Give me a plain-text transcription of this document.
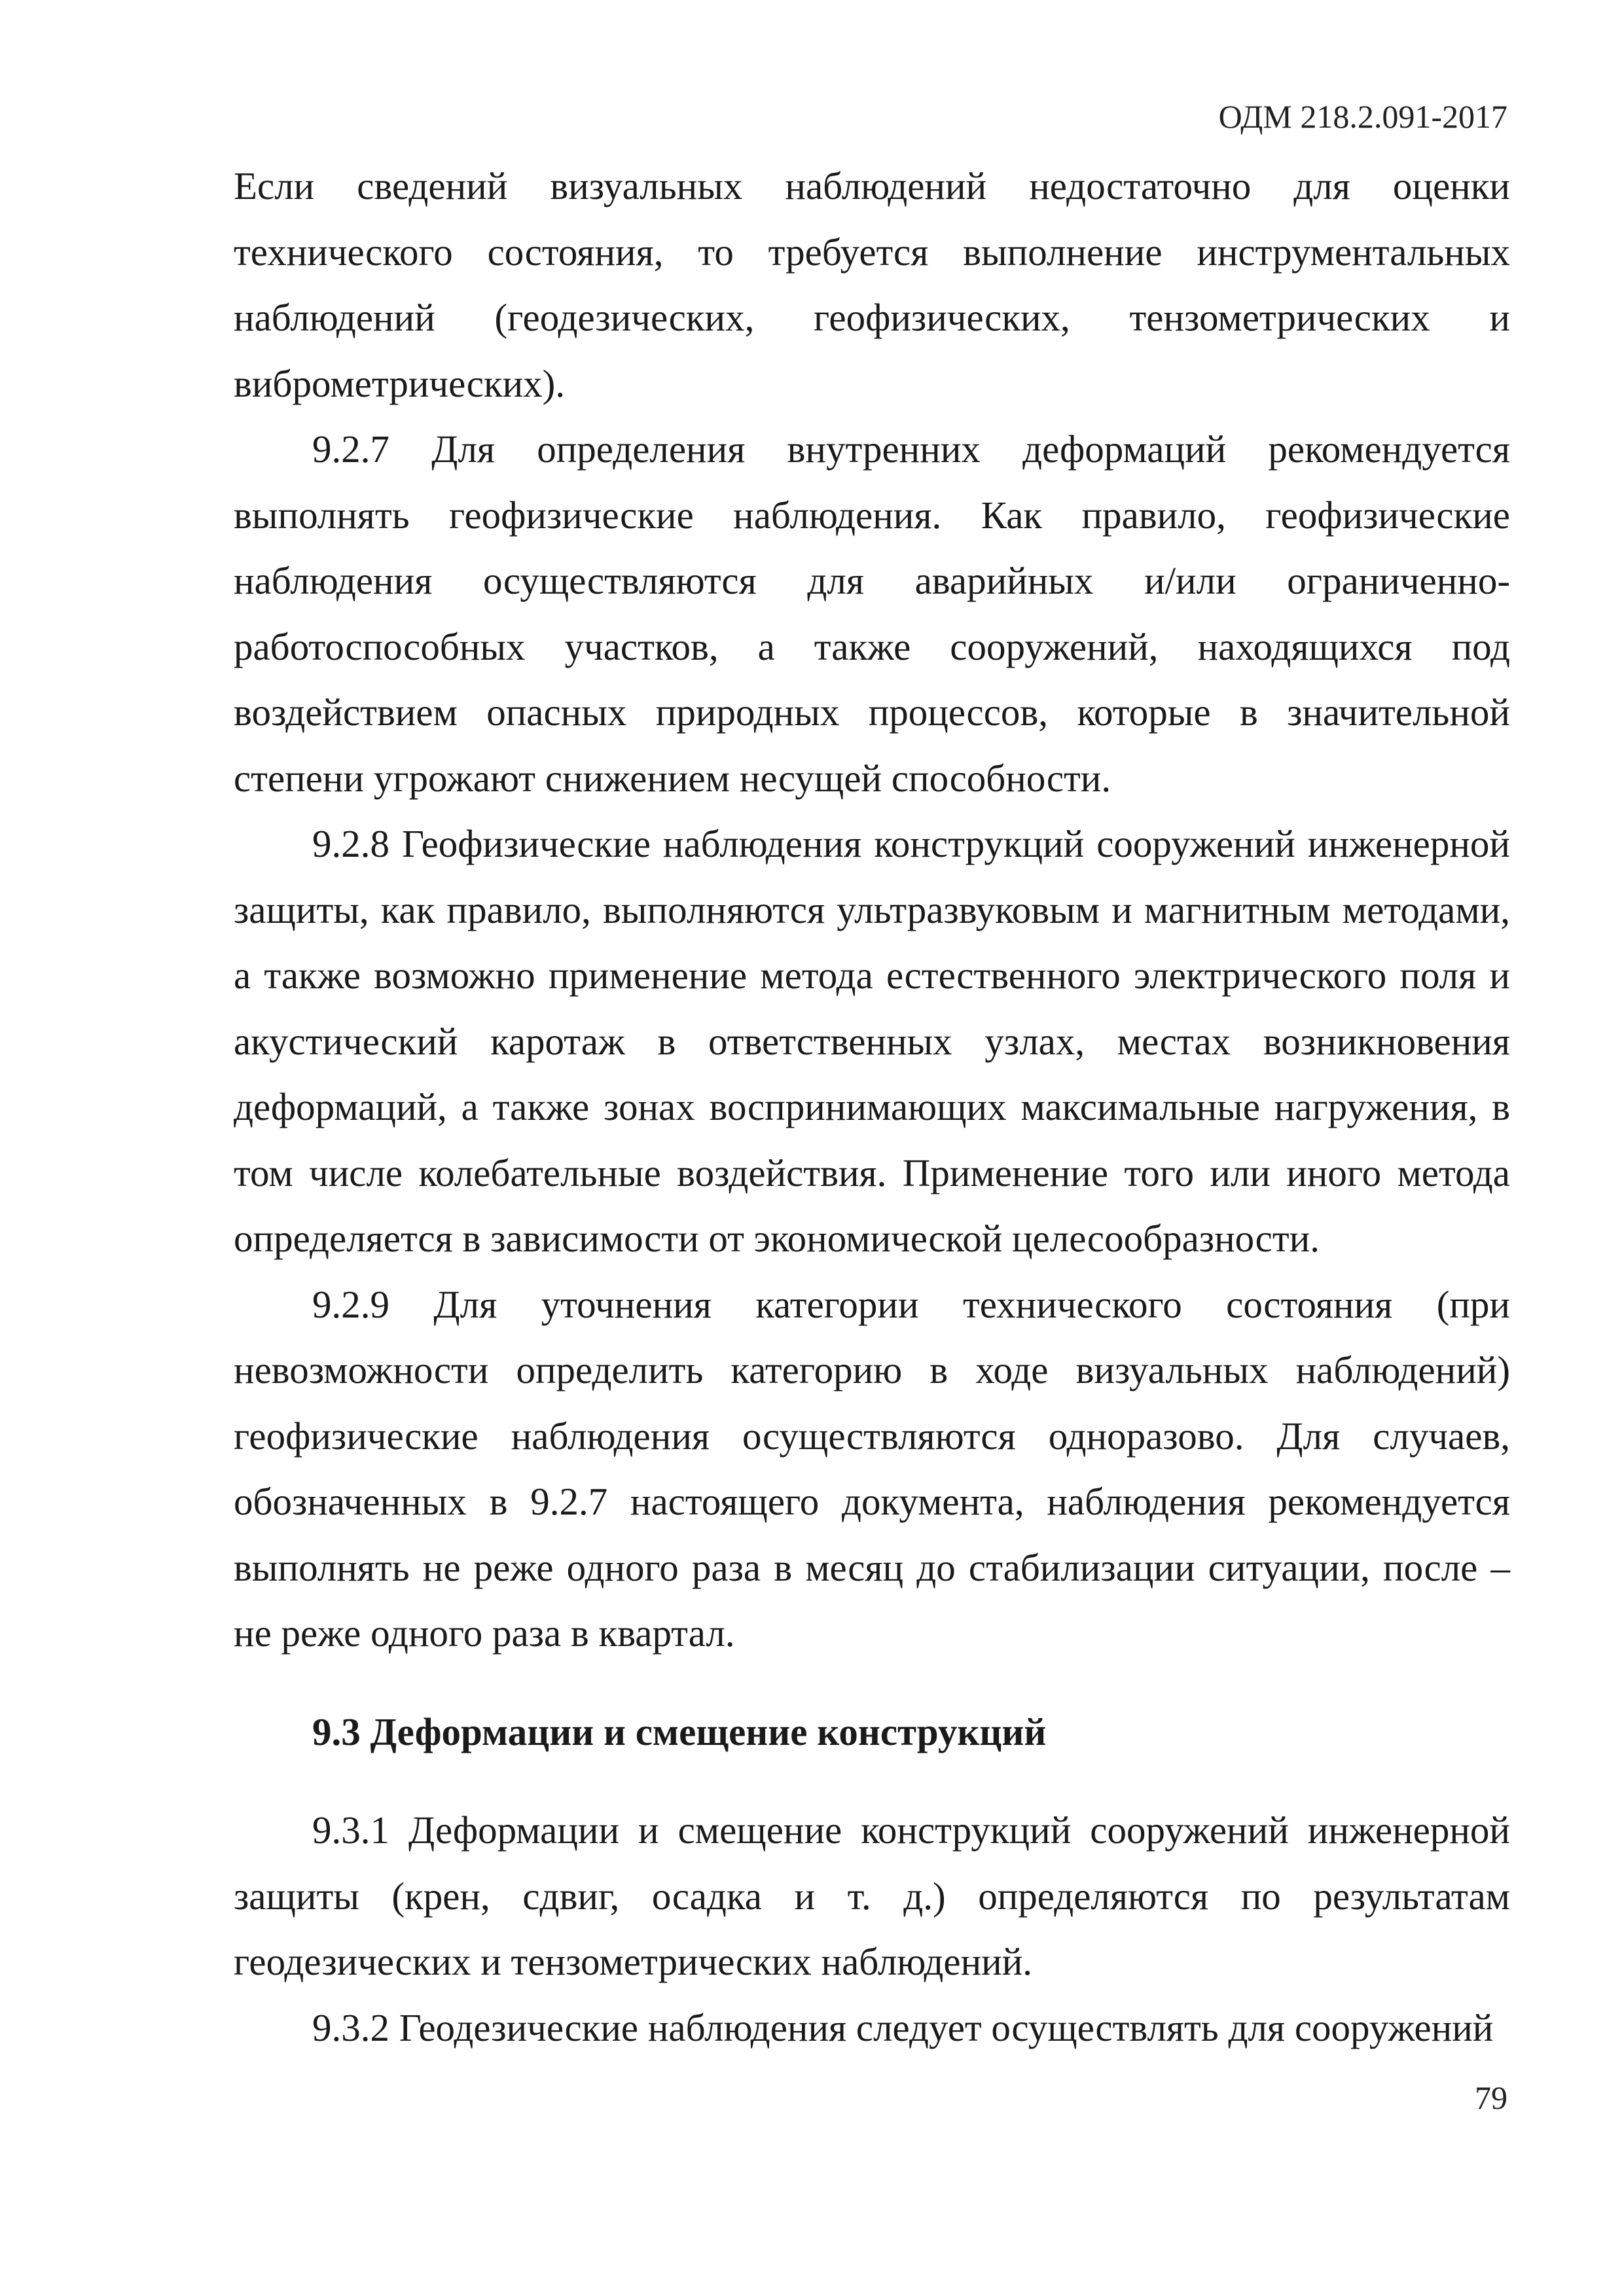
ОДМ 218.2.091-2017

Если сведений визуальных наблюдений недостаточно для оценки технического состояния, то требуется выполнение инструментальных наблюдений (геодезических, геофизических, тензометрических и виброметрических).

9.2.7 Для определения внутренних деформаций рекомендуется выполнять геофизические наблюдения. Как правило, геофизические наблюдения осуществляются для аварийных и/или ограниченно-работоспособных участков, а также сооружений, находящихся под воздействием опасных природных процессов, которые в значительной степени угрожают снижением несущей способности.

9.2.8 Геофизические наблюдения конструкций сооружений инженерной защиты, как правило, выполняются ультразвуковым и магнитным методами, а также возможно применение метода естественного электрического поля и акустический каротаж в ответственных узлах, местах возникновения деформаций, а также зонах воспринимающих максимальные нагружения, в том числе колебательные воздействия. Применение того или иного метода определяется в зависимости от экономической целесообразности.

9.2.9 Для уточнения категории технического состояния (при невозможности определить категорию в ходе визуальных наблюдений) геофизические наблюдения осуществляются одноразово. Для случаев, обозначенных в 9.2.7 настоящего документа, наблюдения рекомендуется выполнять не реже одного раза в месяц до стабилизации ситуации, после – не реже одного раза в квартал.

9.3 Деформации и смещение конструкций

9.3.1 Деформации и смещение конструкций сооружений инженерной защиты (крен, сдвиг, осадка и т. д.) определяются по результатам геодезических и тензометрических наблюдений.

9.3.2 Геодезические наблюдения следует осуществлять для сооружений

79
